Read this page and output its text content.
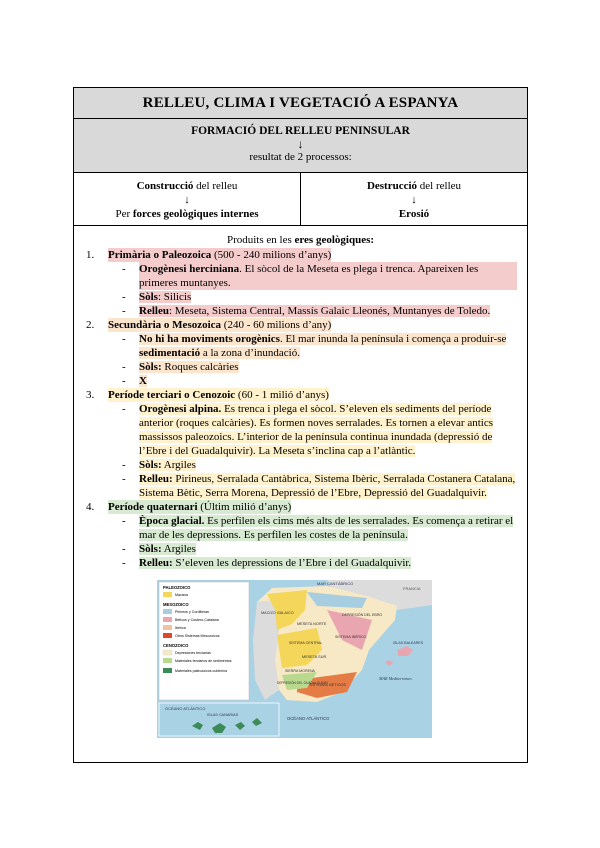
RELLEU, CLIMA I VEGETACIÓ A ESPANYA
FORMACIÓ DEL RELLEU PENINSULAR
↓
resultat de 2 processos:
Construcció del relleu
↓
Per forces geològiques internes
Destrucció del relleu
↓
Erosió
Produits en les eres geològiques:
1.	Primària o Paleozoica (500 - 240 milions d’anys)
-	Orogènesi herciniana. El sòcol de la Meseta es plega i trenca. Apareixen les primeres muntanyes.
-	Sòls: Silicis
-	Relleu: Meseta, Sistema Central, Massís Galaic Lleonés, Muntanyes de Toledo.
2.	Secundària o Mesozoica (240 - 60 milions d’any)
-	No hi ha moviments orogènics. El mar inunda la península i comença a produir-se sedimentació a la zona d’inundació.
-	Sòls: Roques calcàries
-	X
3.	Període terciari o Cenozoic (60 - 1 milió d’anys)
-	Orogènesi alpina. Es trenca i plega el sòcol. S’eleven els sediments del període anterior (roques calcàries). Es formen noves serralades. Es tornen a elevar antics massissos paleozoics. L’interior de la península continua inundada (depressió de l’Ebre i del Guadalquivir). La Meseta s’inclina cap a l’atlàntic.
-	Sòls: Argiles
-	Relleu: Pirineus, Serralada Cantàbrica, Sistema Ibèric, Serralada Costanera Catalana, Sistema Bètic, Serra Morena, Depressió de l’Ebre, Depressió del Guadalquivir.
4.	Període quaternari (Últim milió d’anys)
-	Època glacial. Es perfilen els cims més alts de les serralades. Es comença a retirar el mar de les depressions. Es perfilen les costes de la península.
-	Sòls: Argiles
-	Relleu: S’eleven les depressions de l’Ebre i del Guadalquivir.
PALEOZOICO
Macizos
MESOZOICO
Pirineos y Cordilleras
Béticos y Costero-Catalana
Ibérica
Otros Sistemas Mesozoicos
CENOZOICO
Depresiones terciarias
Materiales terciarios de sedimentos
Materiales paleozoicos cubiertos
OCÉANO ATLÁNTICO
ISLAS CANARIAS
FRANCIA
MAR CANTÁBRICO
MACIZO GALAICO
MESETA NORTE
MESETA SUR
DEPRESIÓN DEL EBRO
SISTEMA IBÉRICO
SISTEMA CENTRAL
SIERRA MORENA
SISTEMAS BÉTICOS
DEPRESIÓN DEL GUADALQUIVIR
ISLAS BALEARES
MAR Mediterráneo
OCÉANO ATLÁNTICO
